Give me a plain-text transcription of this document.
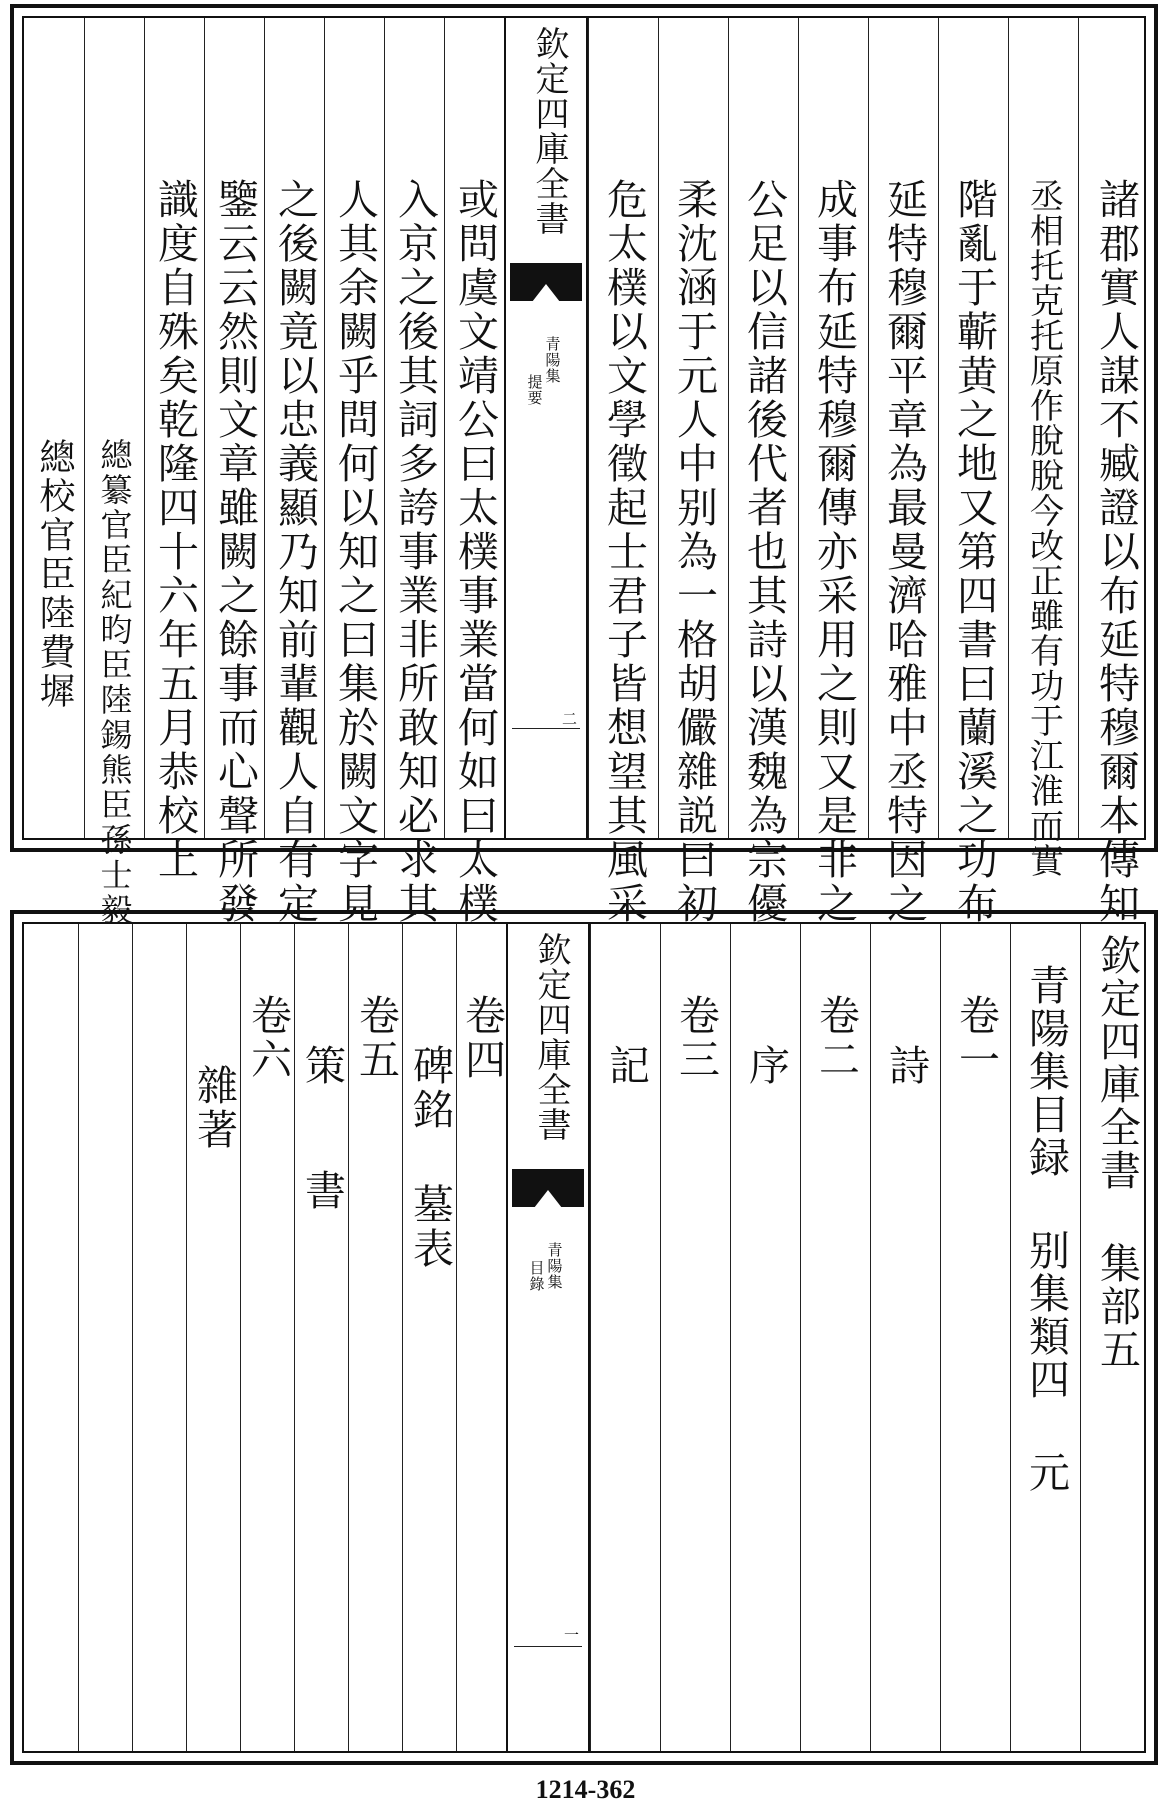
總校官臣陸費墀 總纂官臣紀昀臣陸錫熊臣孫士毅 識度自殊矣乾隆四十六年五月恭校上 鑒云云然則文章雖闕之餘事而心聲所發 之後闕竟以忠義顯乃知前輩觀人自有定 人其余闕乎問何以知之曰集於闕文字見 入京之後其詞多誇事業非所敢知必求其 或問虞文靖公曰太樸事業當何如曰太樸
欽定四庫全書
青陽集
提要
二 危太樸以文學徵起士君子皆想望其風采 柔沈涵于元人中别為一格胡儼雜説曰初 公足以信諸後代者也其詩以漢魏為宗優 成事布延特穆爾傳亦采用之則又是非之 延特穆爾平章為最曼濟哈雅中丞特因之 階亂于蘄黄之地又第四書曰蘭溪之功布 丞相托克托原作脫脫今改正雖有功于江淮而實 諸郡實人謀不臧證以布延特穆爾本傳知
雜著
卷六
策 書
卷五
碑銘 墓表
卷四 欽定四庫全書
青陽集
目錄
一
記 卷三 序 卷二 詩 卷一 青陽集目録 别集類四 元 欽定四庫全書 集部五
1214-362
